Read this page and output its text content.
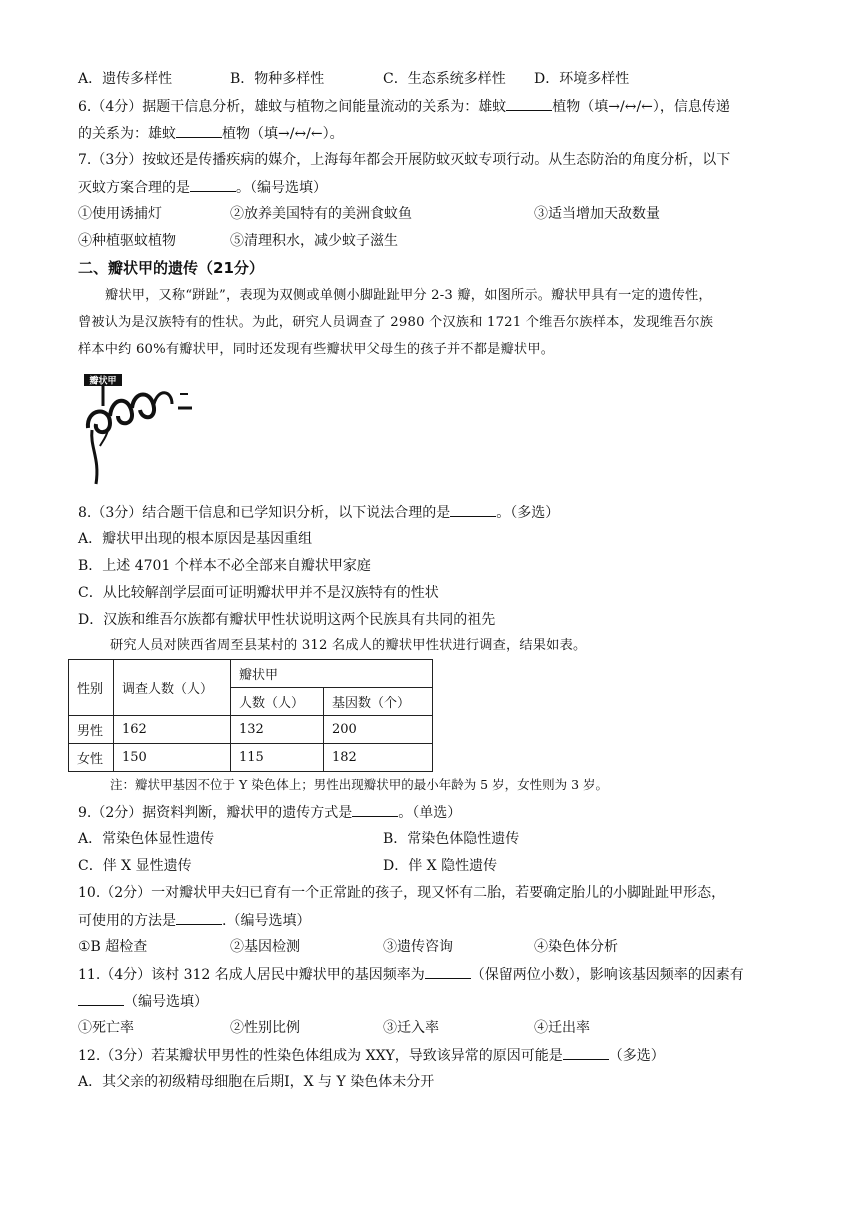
A．遗传多样性	B．物种多样性	C．生态系统多样性 D．环境多样性
6.（4分）据题干信息分析，雄蚊与植物之间能量流动的关系为：雄蚊	植物（填→/↔/←），信息传递
的关系为：雄蚊	植物（填→/↔/←）。
7.（3分）按蚊还是传播疾病的媒介，上海每年都会开展防蚊灭蚊专项行动。从生态防治的角度分析，以下
灭蚊方案合理的是	。（编号选填）
①使用诱捕灯	②放养美国特有的美洲食蚊鱼	③适当增加天敌数量
④种植驱蚊植物	⑤清理积水，减少蚊子滋生
二、瓣状甲的遗传（21分）
瓣状甲，又称“跰趾”，表现为双侧或单侧小脚趾趾甲分 2-3 瓣，如图所示。瓣状甲具有一定的遗传性，
曾被认为是汉族特有的性状。为此，研究人员调查了 2980 个汉族和 1721 个维吾尔族样本，发现维吾尔族
样本中约 60%有瓣状甲，同时还发现有些瓣状甲父母生的孩子并不都是瓣状甲。
瓣状甲
8.（3分）结合题干信息和已学知识分析，以下说法合理的是	。（多选）
A．瓣状甲出现的根本原因是基因重组
B．上述 4701 个样本不必全部来自瓣状甲家庭
C．从比较解剖学层面可证明瓣状甲并不是汉族特有的性状
D．汉族和维吾尔族都有瓣状甲性状说明这两个民族具有共同的祖先
研究人员对陕西省周至县某村的 312 名成人的瓣状甲性状进行调查，结果如表。
性别	调查人数（人）	瓣状甲	
		人数（人）	基因数（个）
男性	162	132	200
女性	150	115	182
注：瓣状甲基因不位于 Y 染色体上；男性出现瓣状甲的最小年龄为 5 岁，女性则为 3 岁。
9.（2分）据资料判断，瓣状甲的遗传方式是	。（单选）
A．常染色体显性遗传	B．常染色体隐性遗传
C．伴 X 显性遗传	D．伴 X 隐性遗传
10.（2分）一对瓣状甲夫妇已育有一个正常趾的孩子，现又怀有二胎，若要确定胎儿的小脚趾趾甲形态，
可使用的方法是	.（编号选填）
①B 超检查	②基因检测	③遗传咨询	④染色体分析
11.（4分）该村 312 名成人居民中瓣状甲的基因频率为	（保留两位小数），影响该基因频率的因素有
（编号选填）
①死亡率	②性别比例	③迁入率	④迁出率
12.（3分）若某瓣状甲男性的性染色体组成为 XXY，导致该异常的原因可能是	（多选）
A．其父亲的初级精母细胞在后期Ⅰ，X 与 Y 染色体未分开
